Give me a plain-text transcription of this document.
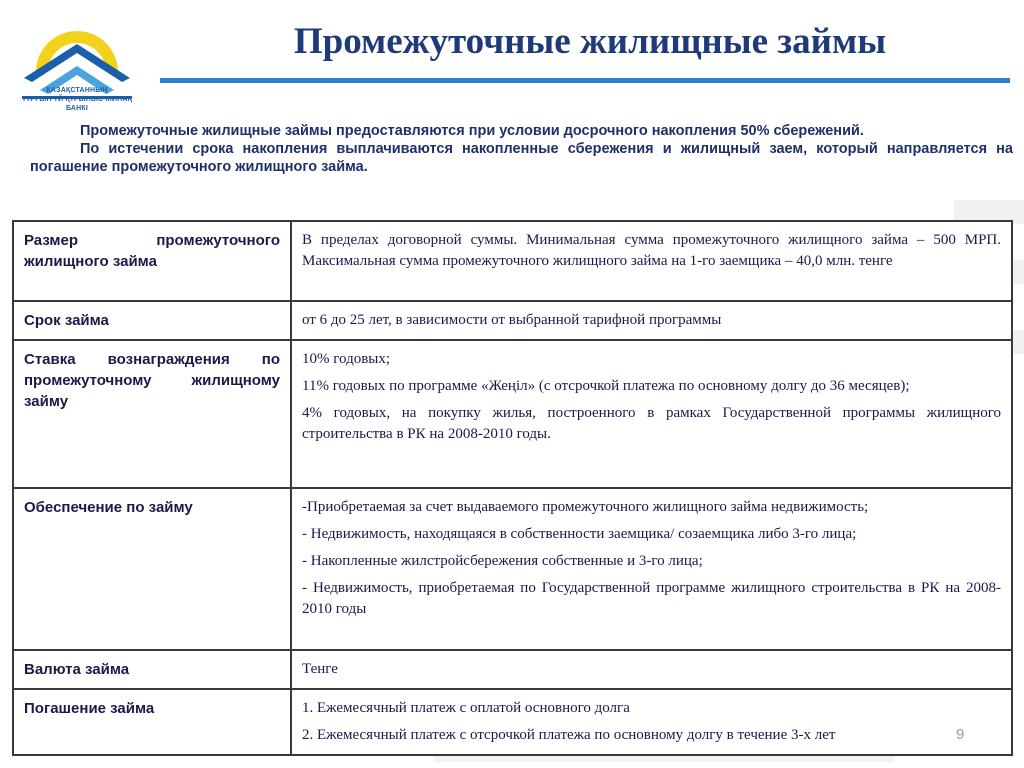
ҚАЗАҚСТАННЫҢ
ТҰРҒЫН ҮЙ ҚҰРЫЛЫС ЖИНАҚ БАНКІ
Промежуточные жилищные займы

Промежуточные жилищные займы предоставляются при условии досрочного накопления 50% сбережений.

По истечении срока накопления выплачиваются накопленные сбережения и жилищный заем, который направляется на погашение промежуточного жилищного займа.

Размер промежуточного жилищного займа	В пределах договорной суммы. Минимальная сумма промежуточного жилищного займа – 500 МРП. Максимальная сумма промежуточного жилищного займа на 1-го заемщика – 40,0 млн. тенге

Срок займа	от 6 до 25 лет, в зависимости от выбранной тарифной программы

Ставка вознаграждения по промежуточному жилищному займу	10% годовых;

11% годовых по программе «Жеңіл» (с отсрочкой платежа по основному долгу до 36 месяцев);

4% годовых, на покупку жилья, построенного в рамках Государственной программы жилищного строительства в РК на 2008-2010 годы.

Обеспечение по займу	-Приобретаемая за счет выдаваемого промежуточного жилищного займа недвижимость;

- Недвижимость, находящаяся в собственности заемщика/ созаемщика либо 3-го лица;

- Накопленные жилстройсбережения собственные и 3-го лица;

- Недвижимость, приобретаемая по Государственной программе жилищного строительства в РК на 2008-2010 годы

Валюта займа	Тенге

Погашение займа	1. Ежемесячный платеж с оплатой основного долга

2. Ежемесячный платеж с отсрочкой платежа по основному долгу в течение 3-х лет	9
